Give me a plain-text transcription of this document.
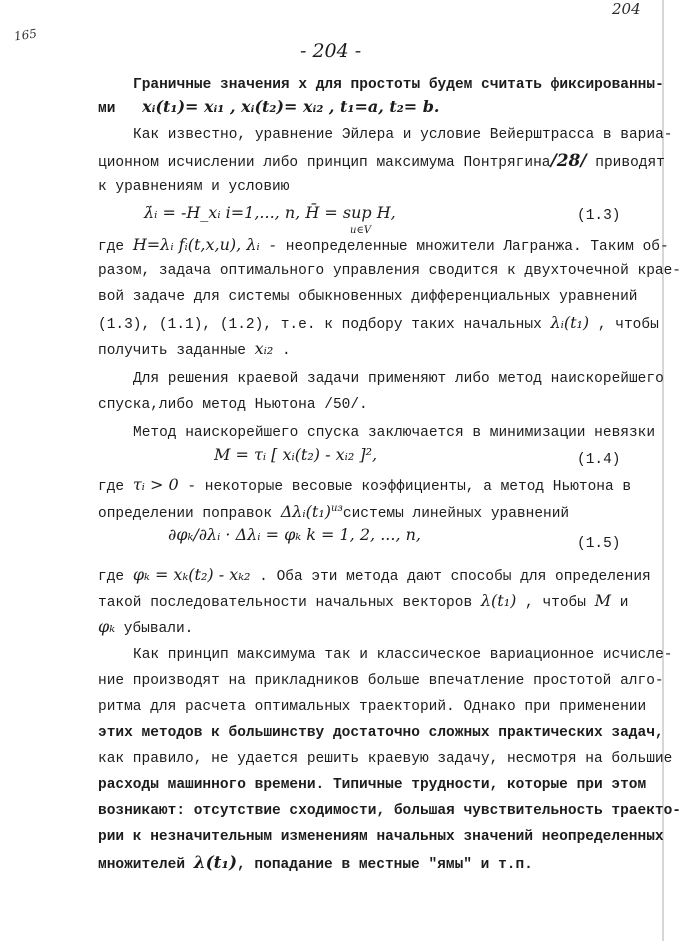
204
165
- 204 -
Граничные значения x для простоты будем считать фиксированны-
ми xᵢ(t₁)= xᵢ₁ , xᵢ(t₂)= xᵢ₂ , t₁=a, t₂= b.
Как известно, уравнение Эйлера и условие Вейерштрасса в вариа-
ционном исчислении либо принцип максимума Понтрягина/28/ приводят
к уравнениям и условию
λ̇ᵢ = -H_xᵢ i=1,..., n, H̄ = sup H,
u∈V
(1.3)
где H=λᵢ fᵢ(t,x,u), λᵢ - неопределенные множители Лагранжа. Таким об-
разом, задача оптимального управления сводится к двухточечной крае-
вой задаче для системы обыкновенных дифференциальных уравнений
(1.3), (1.1), (1.2), т.е. к подбору таких начальных λᵢ(t₁) , чтобы
получить заданные xᵢ₂ .
Для решения краевой задачи применяют либо метод наискорейшего
спуска,либо метод Ньютона /50/.
Метод наискорейшего спуска заключается в минимизации невязки
M = τᵢ [ xᵢ(t₂) - xᵢ₂ ]²,	(1.4)
где τᵢ > 0 - некоторые весовые коэффициенты, а метод Ньютона в
определении поправок Δλᵢ(t₁)$^{из}$системы линейных уравнений
∂φₖ/∂λᵢ · Δλᵢ = φₖ k = 1, 2, ..., n,	(1.5)
где φₖ = xₖ(t₂) - xₖ₂ . Оба эти метода дают способы для определения
такой последовательности начальных векторов λ(t₁) , чтобы M и
φₖ убывали.
Как принцип максимума так и классическое вариационное исчисле-
ние производят на прикладников больше впечатление простотой алго-
ритма для расчета оптимальных траекторий. Однако при применении
этих методов к большинству достаточно сложных практических задач,
как правило, не удается решить краевую задачу, несмотря на большие
расходы машинного времени. Типичные трудности, которые при этом
возникают: отсутствие сходимости, большая чувствительность траекто-
рии к незначительным изменениям начальных значений неопределенных
множителей λ(t₁), попадание в местные "ямы" и т.п.
